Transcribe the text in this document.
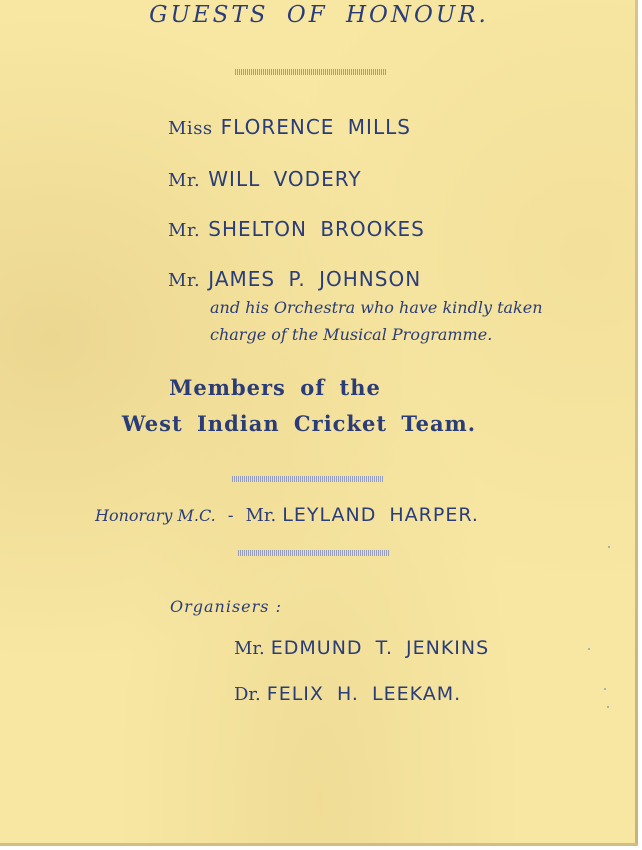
GUESTS OF HONOUR.
Miss FLORENCE MILLS
Mr. WILL VODERY
Mr. SHELTON BROOKES
Mr. JAMES P. JOHNSON
and his Orchestra who have kindly taken
charge of the Musical Programme.
Members of the
West Indian Cricket Team.
Honorary M.C. - Mr. LEYLAND HARPER.
Organisers :
Mr. EDMUND T. JENKINS
Dr. FELIX H. LEEKAM.
